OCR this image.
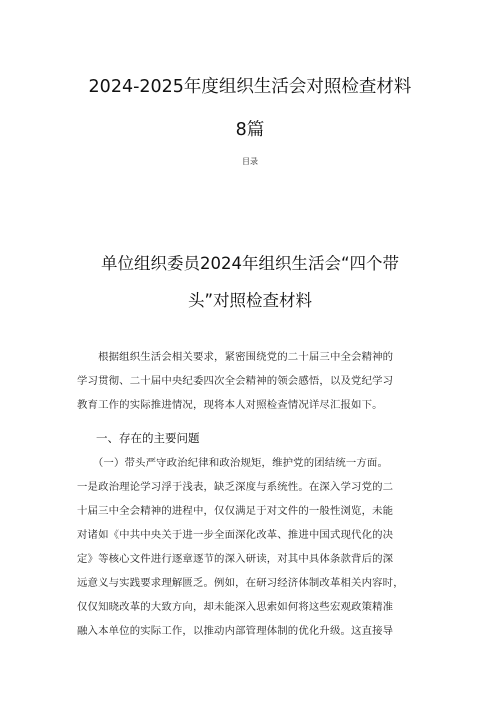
2024-2025年度组织生活会对照检查材料
8篇
目录
单位组织委员2024年组织生活会“四个带
头”对照检查材料
　　根据组织生活会相关要求，紧密围绕党的二十届三中全会精神的
学习贯彻、二十届中央纪委四次全会精神的领会感悟，以及党纪学习
教育工作的实际推进情况，现将本人对照检查情况详尽汇报如下。
一、存在的主要问题
　　（一）带头严守政治纪律和政治规矩，维护党的团结统一方面。
一是政治理论学习浮于浅表，缺乏深度与系统性。在深入学习党的二
十届三中全会精神的进程中，仅仅满足于对文件的一般性浏览，未能
对诸如《中共中央关于进一步全面深化改革、推进中国式现代化的决
定》等核心文件进行逐章逐节的深入研读，对其中具体条款背后的深
远意义与实践要求理解匮乏。例如，在研习经济体制改革相关内容时，
仅仅知晓改革的大致方向，却未能深入思索如何将这些宏观政策精准
融入本单位的实际工作，以推动内部管理体制的优化升级。这直接导
